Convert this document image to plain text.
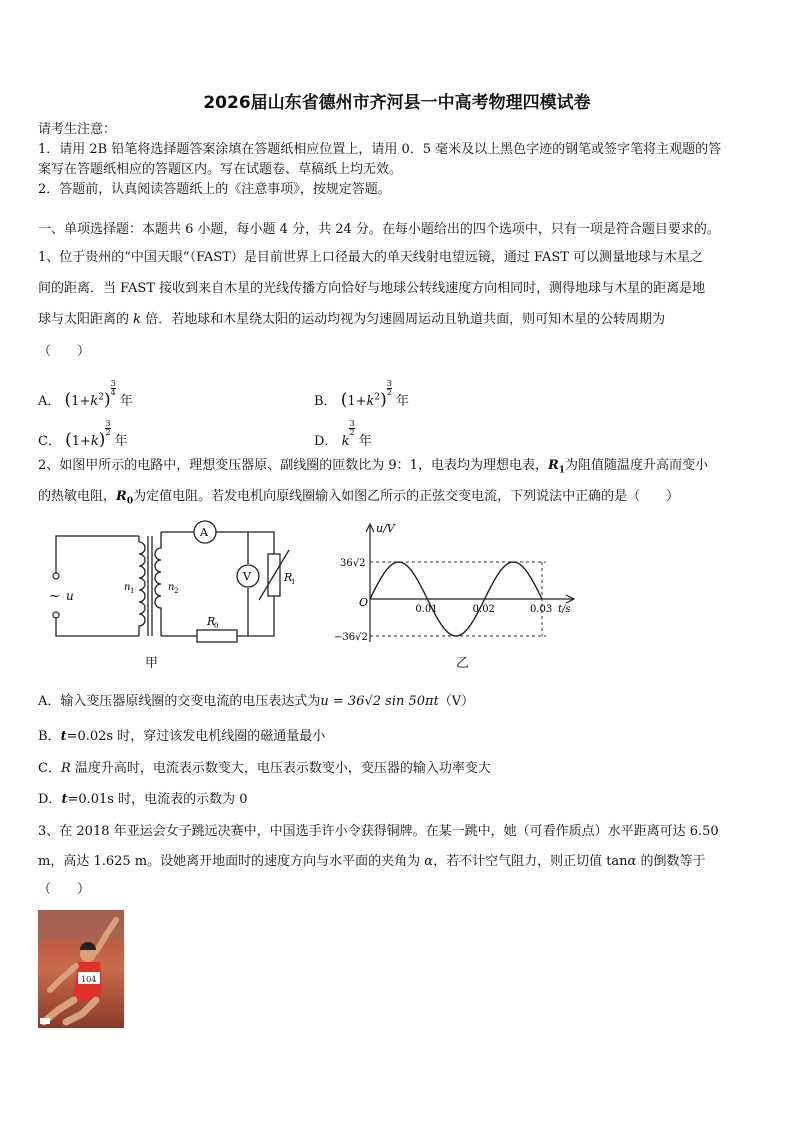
2026届山东省德州市齐河县一中高考物理四模试卷
请考生注意：
1．请用 2B 铅笔将选择题答案涂填在答题纸相应位置上，请用 0．5 毫米及以上黑色字迹的钢笔或签字笔将主观题的答
案写在答题纸相应的答题区内。写在试题卷、草稿纸上均无效。
2．答题前，认真阅读答题纸上的《注意事项》，按规定答题。
一、单项选择题：本题共 6 小题，每小题 4 分，共 24 分。在每小题给出的四个选项中，只有一项是符合题目要求的。
1、位于贵州的“中国天眼”（FAST）是目前世界上口径最大的单天线射电望远镜，通过 FAST 可以测量地球与木星之
间的距离．当 FAST 接收到来自木星的光线传播方向恰好与地球公转线速度方向相同时，测得地球与木星的距离是地
球与太阳距离的 k 倍．若地球和木星绕太阳的运动均视为匀速圆周运动且轨道共面，则可知木星的公转周期为
（　　）
A． $(1+k^2)$
$^{\frac{3}{4}}$
年	B． $(1+k^2)$
$^{\frac{3}{2}}$
年
C． (1+k)
$^{\frac{3}{2}}$
年	D． k
$^{\frac{3}{2}}$
年
2、如图甲所示的电路中，理想变压器原、副线圈的匝数比为 9：1，电表均为理想电表，$R_1$为阻值随温度升高而变小
的热敏电阻，$R_0$为定值电阻。若发电机向原线圈输入如图乙所示的正弦交变电流，下列说法中正确的是（　　）
~ u
n 1	n 2
A
V	R
1
R
0
甲
u/V
t/s
O
0.01	0.02	0.03
36√2
−36√2
乙
A．输入变压器原线圈的交变电流的电压表达式为u = 36√2 sin 50πt（V）
B．t=0.02s 时，穿过该发电机线圈的磁通量最小
C．R 温度升高时，电流表示数变大，电压表示数变小，变压器的输入功率变大
D．t=0.01s 时，电流表的示数为 0
3、在 2018 年亚运会女子跳远决赛中，中国选手许小令获得铜牌。在某一跳中，她（可看作质点）水平距离可达 6.50
m，高达 1.625 m。设她离开地面时的速度方向与水平面的夹角为 α，若不计空气阻力，则正切值 tanα 的倒数等于
（　　）
104
